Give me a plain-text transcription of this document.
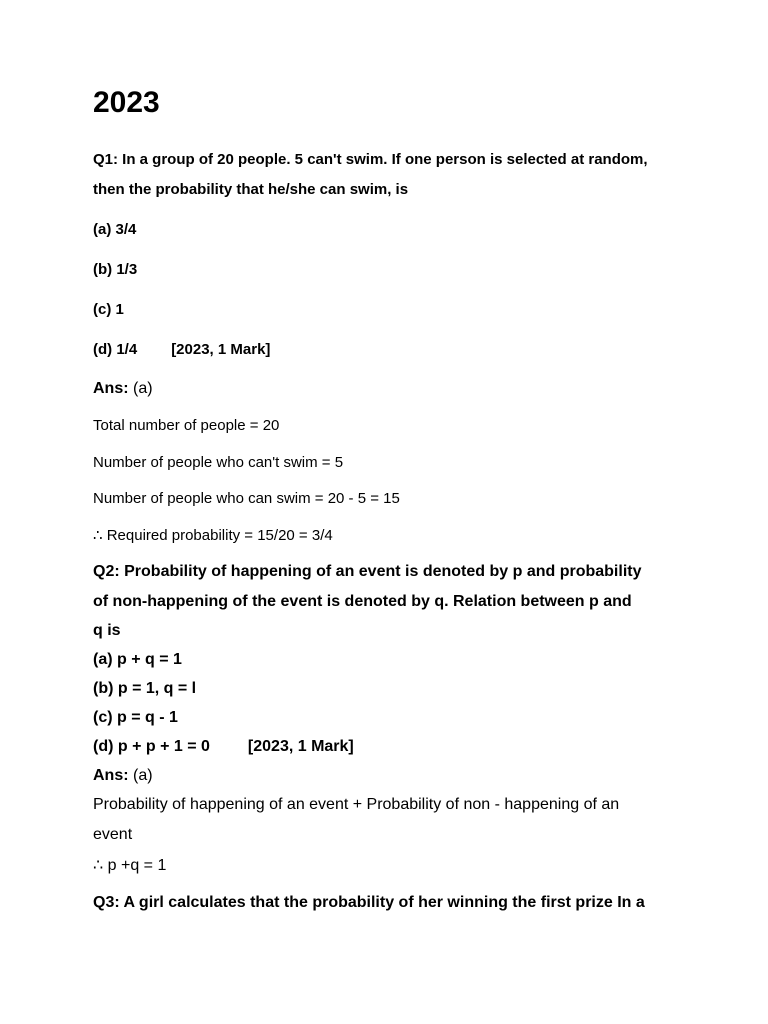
2023
Q1: In a group of 20 people. 5 can't swim. If one person is selected at random,
then the probability that he/she can swim, is
(a) 3/4
(b) 1/3
(c) 1
(d) 1/4 [2023, 1 Mark]
Ans: (a)
Total number of people = 20
Number of people who can't swim = 5
Number of people who can swim = 20 - 5 = 15
∴ Required probability = 15/20 = 3/4
Q2: Probability of happening of an event is denoted by p and probability
of non-happening of the event is denoted by q. Relation between p and
q is
(a) p + q = 1
(b) p = 1, q = l
(c) p = q - 1
(d) p + p + 1 = 0 [2023, 1 Mark]
Ans: (a)
Probability of happening of an event + Probability of non - happening of an
event
∴ p +q = 1
Q3: A girl calculates that the probability of her winning the first prize In a
